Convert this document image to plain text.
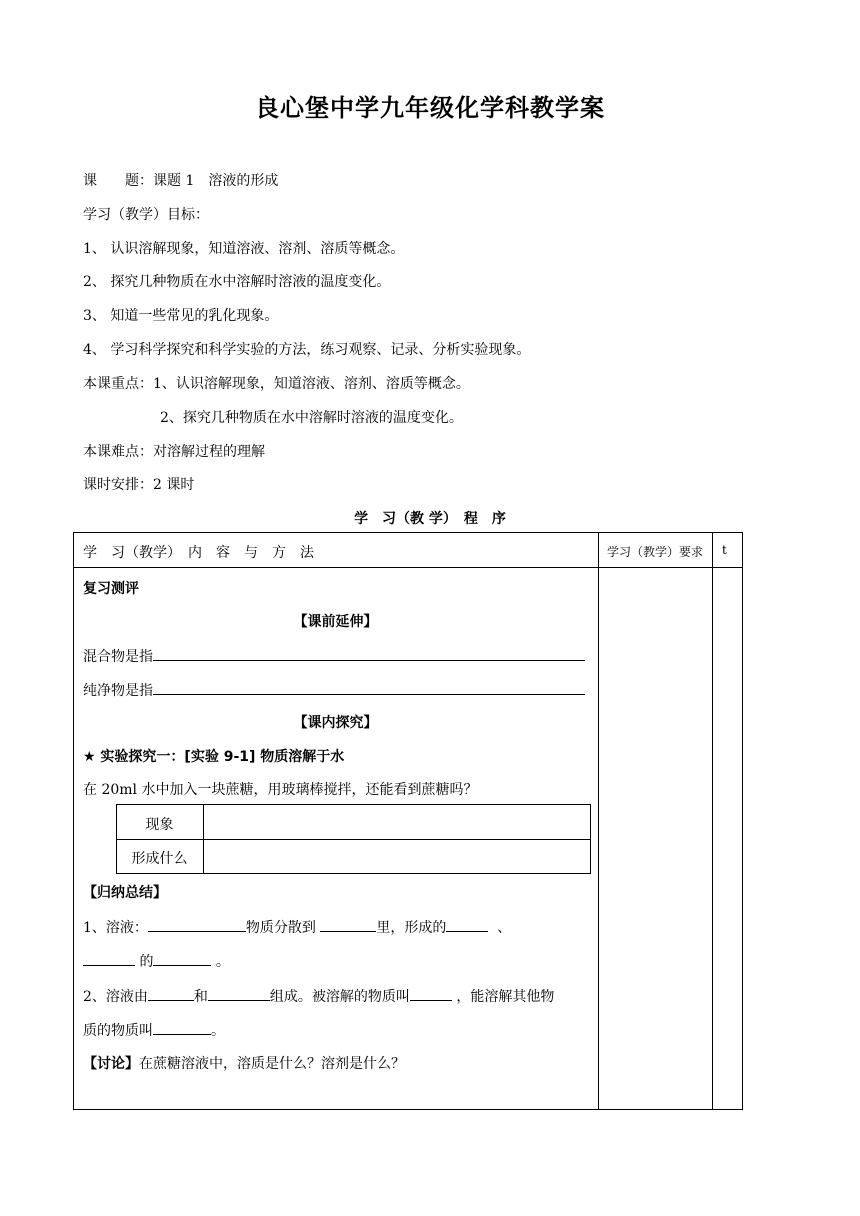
良心堡中学九年级化学科教学案
课　　题：课题 1　溶液的形成
学习（教学）目标：
1、 认识溶解现象，知道溶液、溶剂、溶质等概念。
2、 探究几种物质在水中溶解时溶液的温度变化。
3、 知道一些常见的乳化现象。
4、 学习科学探究和科学实验的方法，练习观察、记录、分析实验现象。
本课重点：1、认识溶解现象，知道溶液、溶剂、溶质等概念。
2、探究几种物质在水中溶解时溶液的温度变化。
本课难点：对溶解过程的理解
课时安排：2 课时
学　习（教 学）　程　序
学　习（教学）　内　容　与　方　法	学习（教学）要求 t
复习测评
【课前延伸】
混合物是指
纯净物是指
【课内探究】
★ 实验探究一：[实验 9-1] 物质溶解于水
在 20ml 水中加入一块蔗糖，用玻璃棒搅拌，还能看到蔗糖吗？
现象
形成什么
【归纳总结】
1、溶液：	物质分散到	里，形成的	、
的	。
2、溶液由	和	组成。被溶解的物质叫	，能溶解其他物
质的物质叫	。
【讨论】在蔗糖溶液中，溶质是什么？溶剂是什么？
